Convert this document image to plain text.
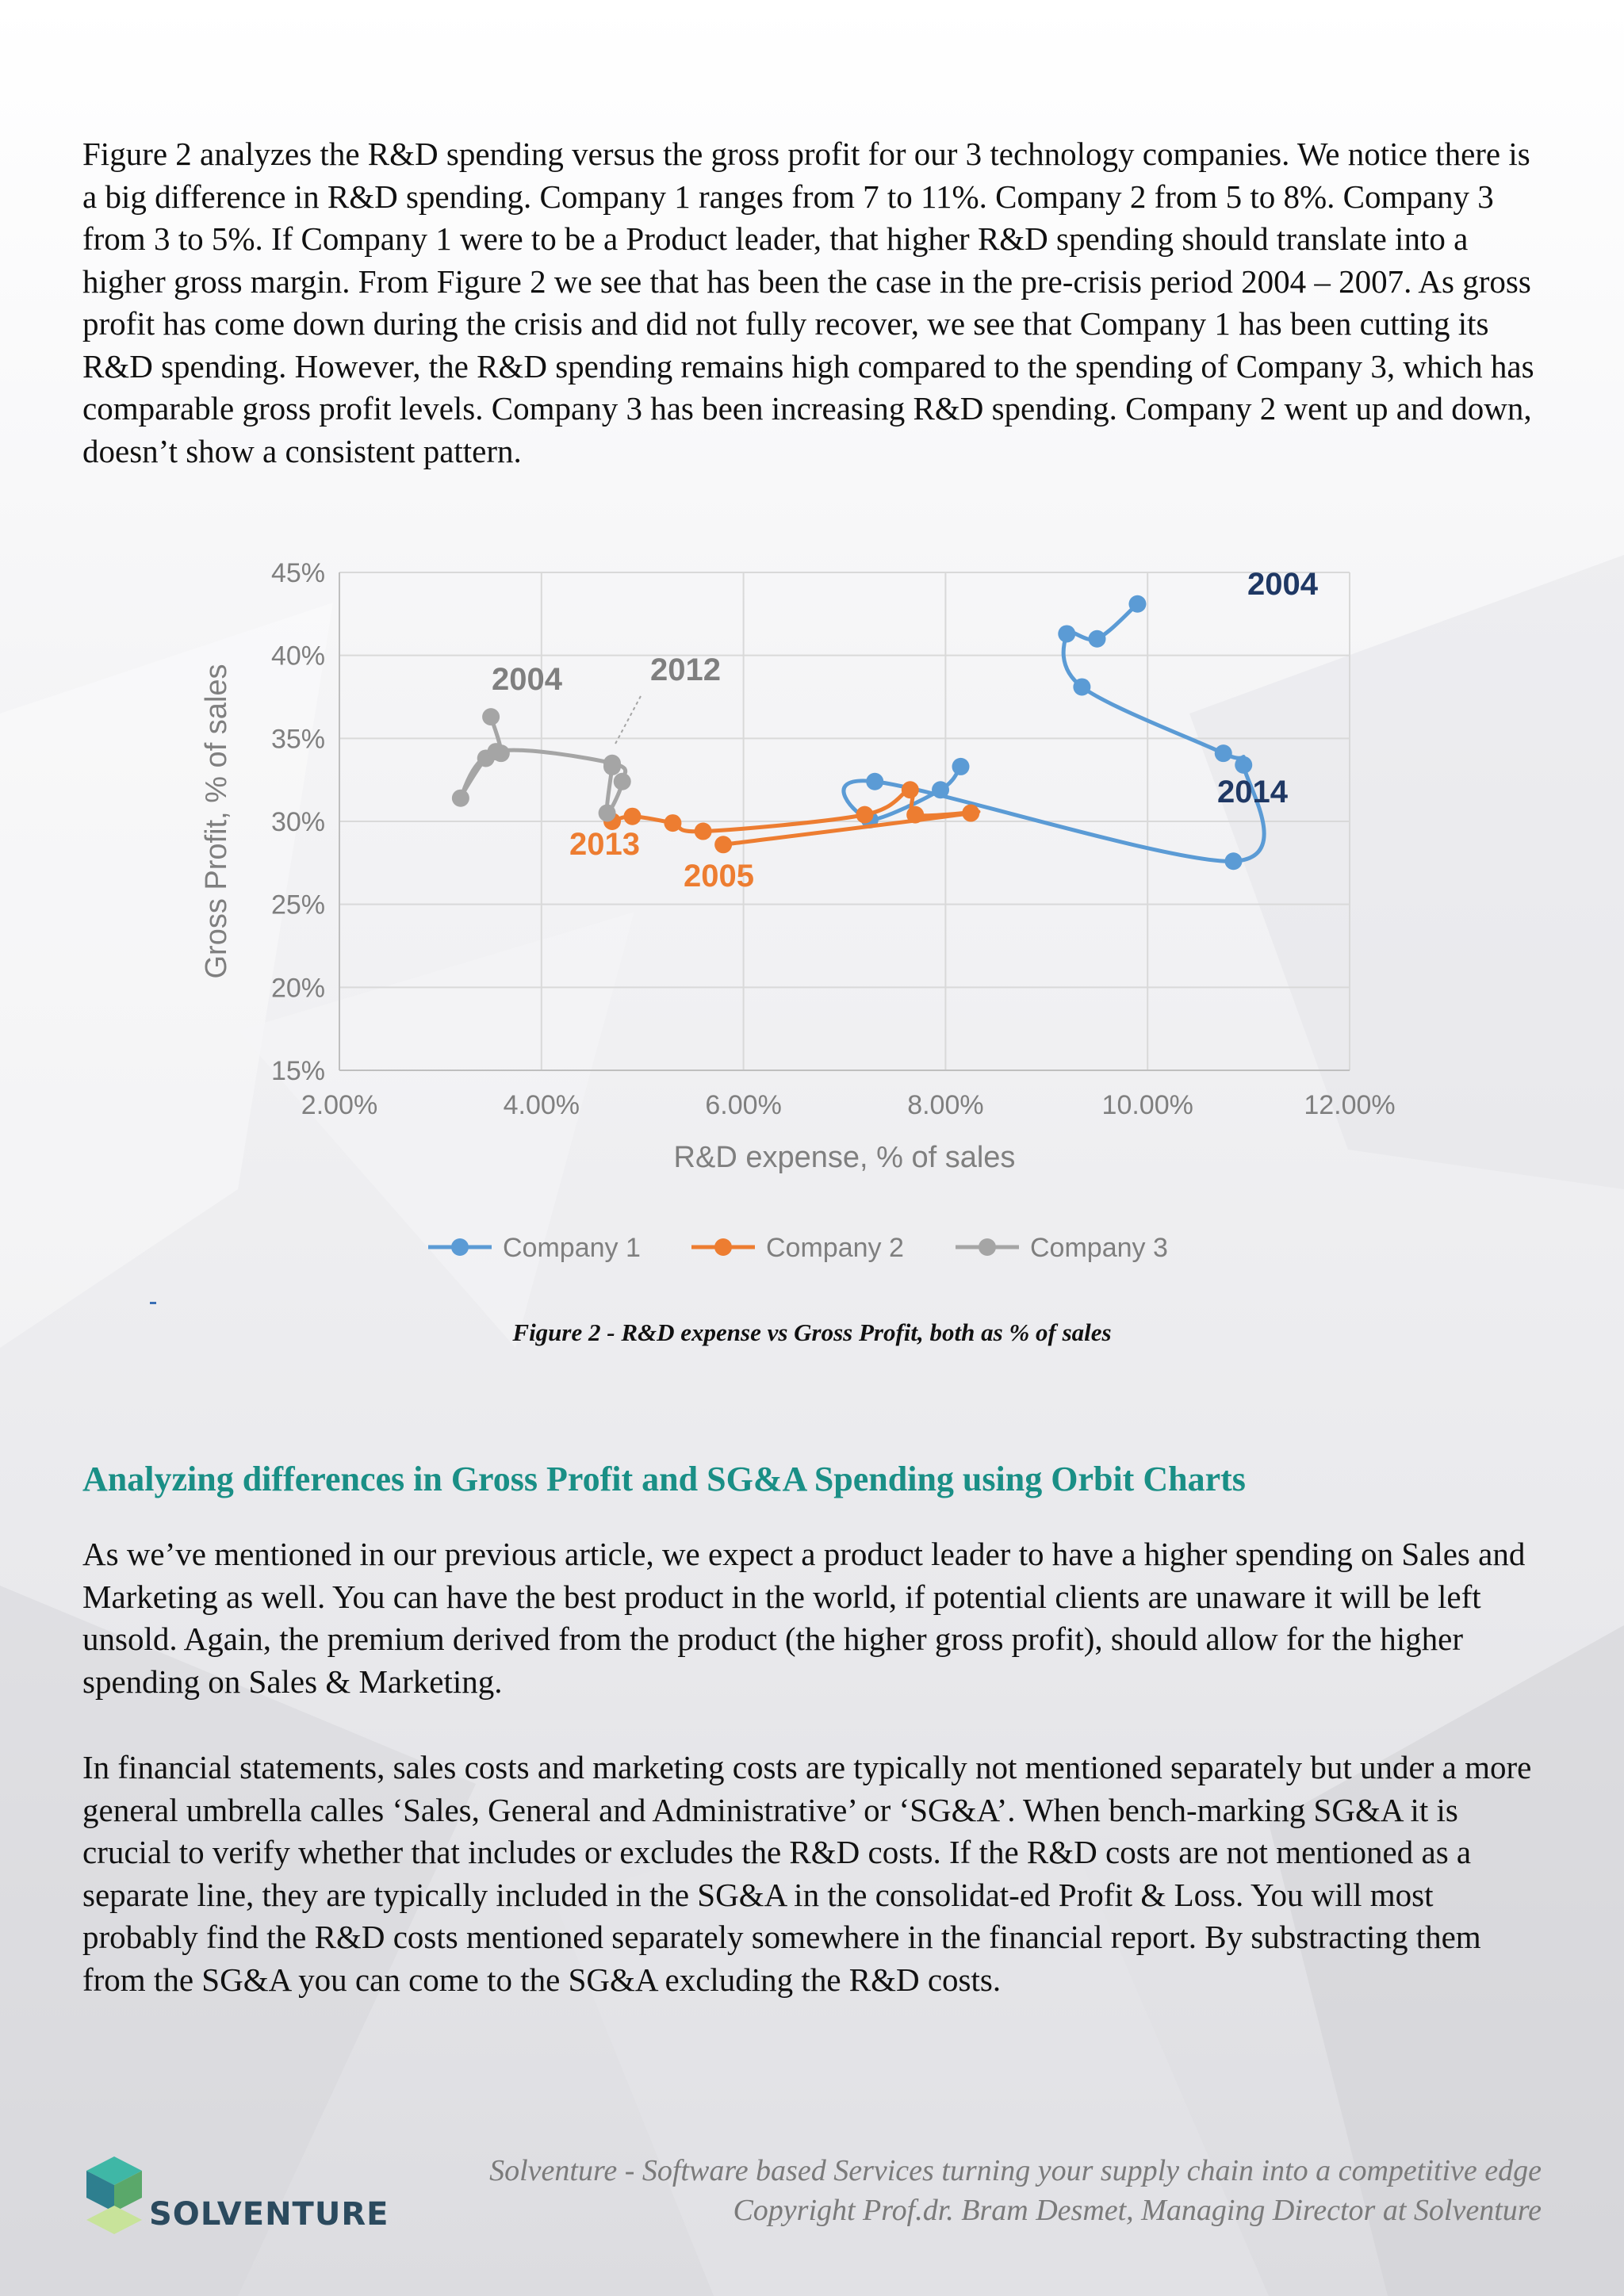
Figure 2 analyzes the R&D spending versus the gross profit for our 3 technology companies. We notice there is a big difference in R&D spending. Company 1 ranges from 7 to 11%. Company 2 from 5 to 8%. Company 3 from 3 to 5%. If Company 1 were to be a Product leader, that higher R&D spending should translate into a higher gross margin. From Figure 2 we see that has been the case in the pre-crisis period 2004 – 2007. As gross profit has come down during the crisis and did not fully recover, we see that Company 1 has been cutting its R&D spending. However, the R&D spending remains high compared to the spending of Company 3, which has comparable gross profit levels. Company 3 has been increasing R&D spending. Company 2 went up and down, doesn’t show a consistent pattern.

2.00%	4.00%	6.00%	8.00%	10.00%	12.00%
15%
20%
25%
30%
35%
40%
45%
R&D expense, % of sales
Gross Profit, % of sales
2004
2014
2013
2005
2004	2012
Company 1	Company 2	Company 3
Figure 2 - R&D expense vs Gross Profit, both as % of sales
Analyzing differences in Gross Profit and SG&A Spending using Orbit Charts

As we’ve mentioned in our previous article, we expect a product leader to have a higher spending on Sales and Marketing as well. You can have the best product in the world, if potential clients are unaware it will be left unsold. Again, the premium derived from the product (the higher gross profit), should allow for the higher spending on Sales & Marketing.

In financial statements, sales costs and marketing costs are typically not mentioned separately but under a more general umbrella calles ‘Sales, General and Administrative’ or ‘SG&A’. When bench-marking SG&A it is crucial to verify whether that includes or excludes the R&D costs. If the R&D costs are not mentioned as a separate line, they are typically included in the SG&A in the consolidat-ed Profit & Loss. You will most probably find the R&D costs mentioned separately somewhere in the financial report. By substracting them from the SG&A you can come to the SG&A excluding the R&D costs.

SOLVENTURE
Solventure - Software based Services turning your supply chain into a competitive edge
Copyright Prof.dr. Bram Desmet, Managing Director at Solventure
